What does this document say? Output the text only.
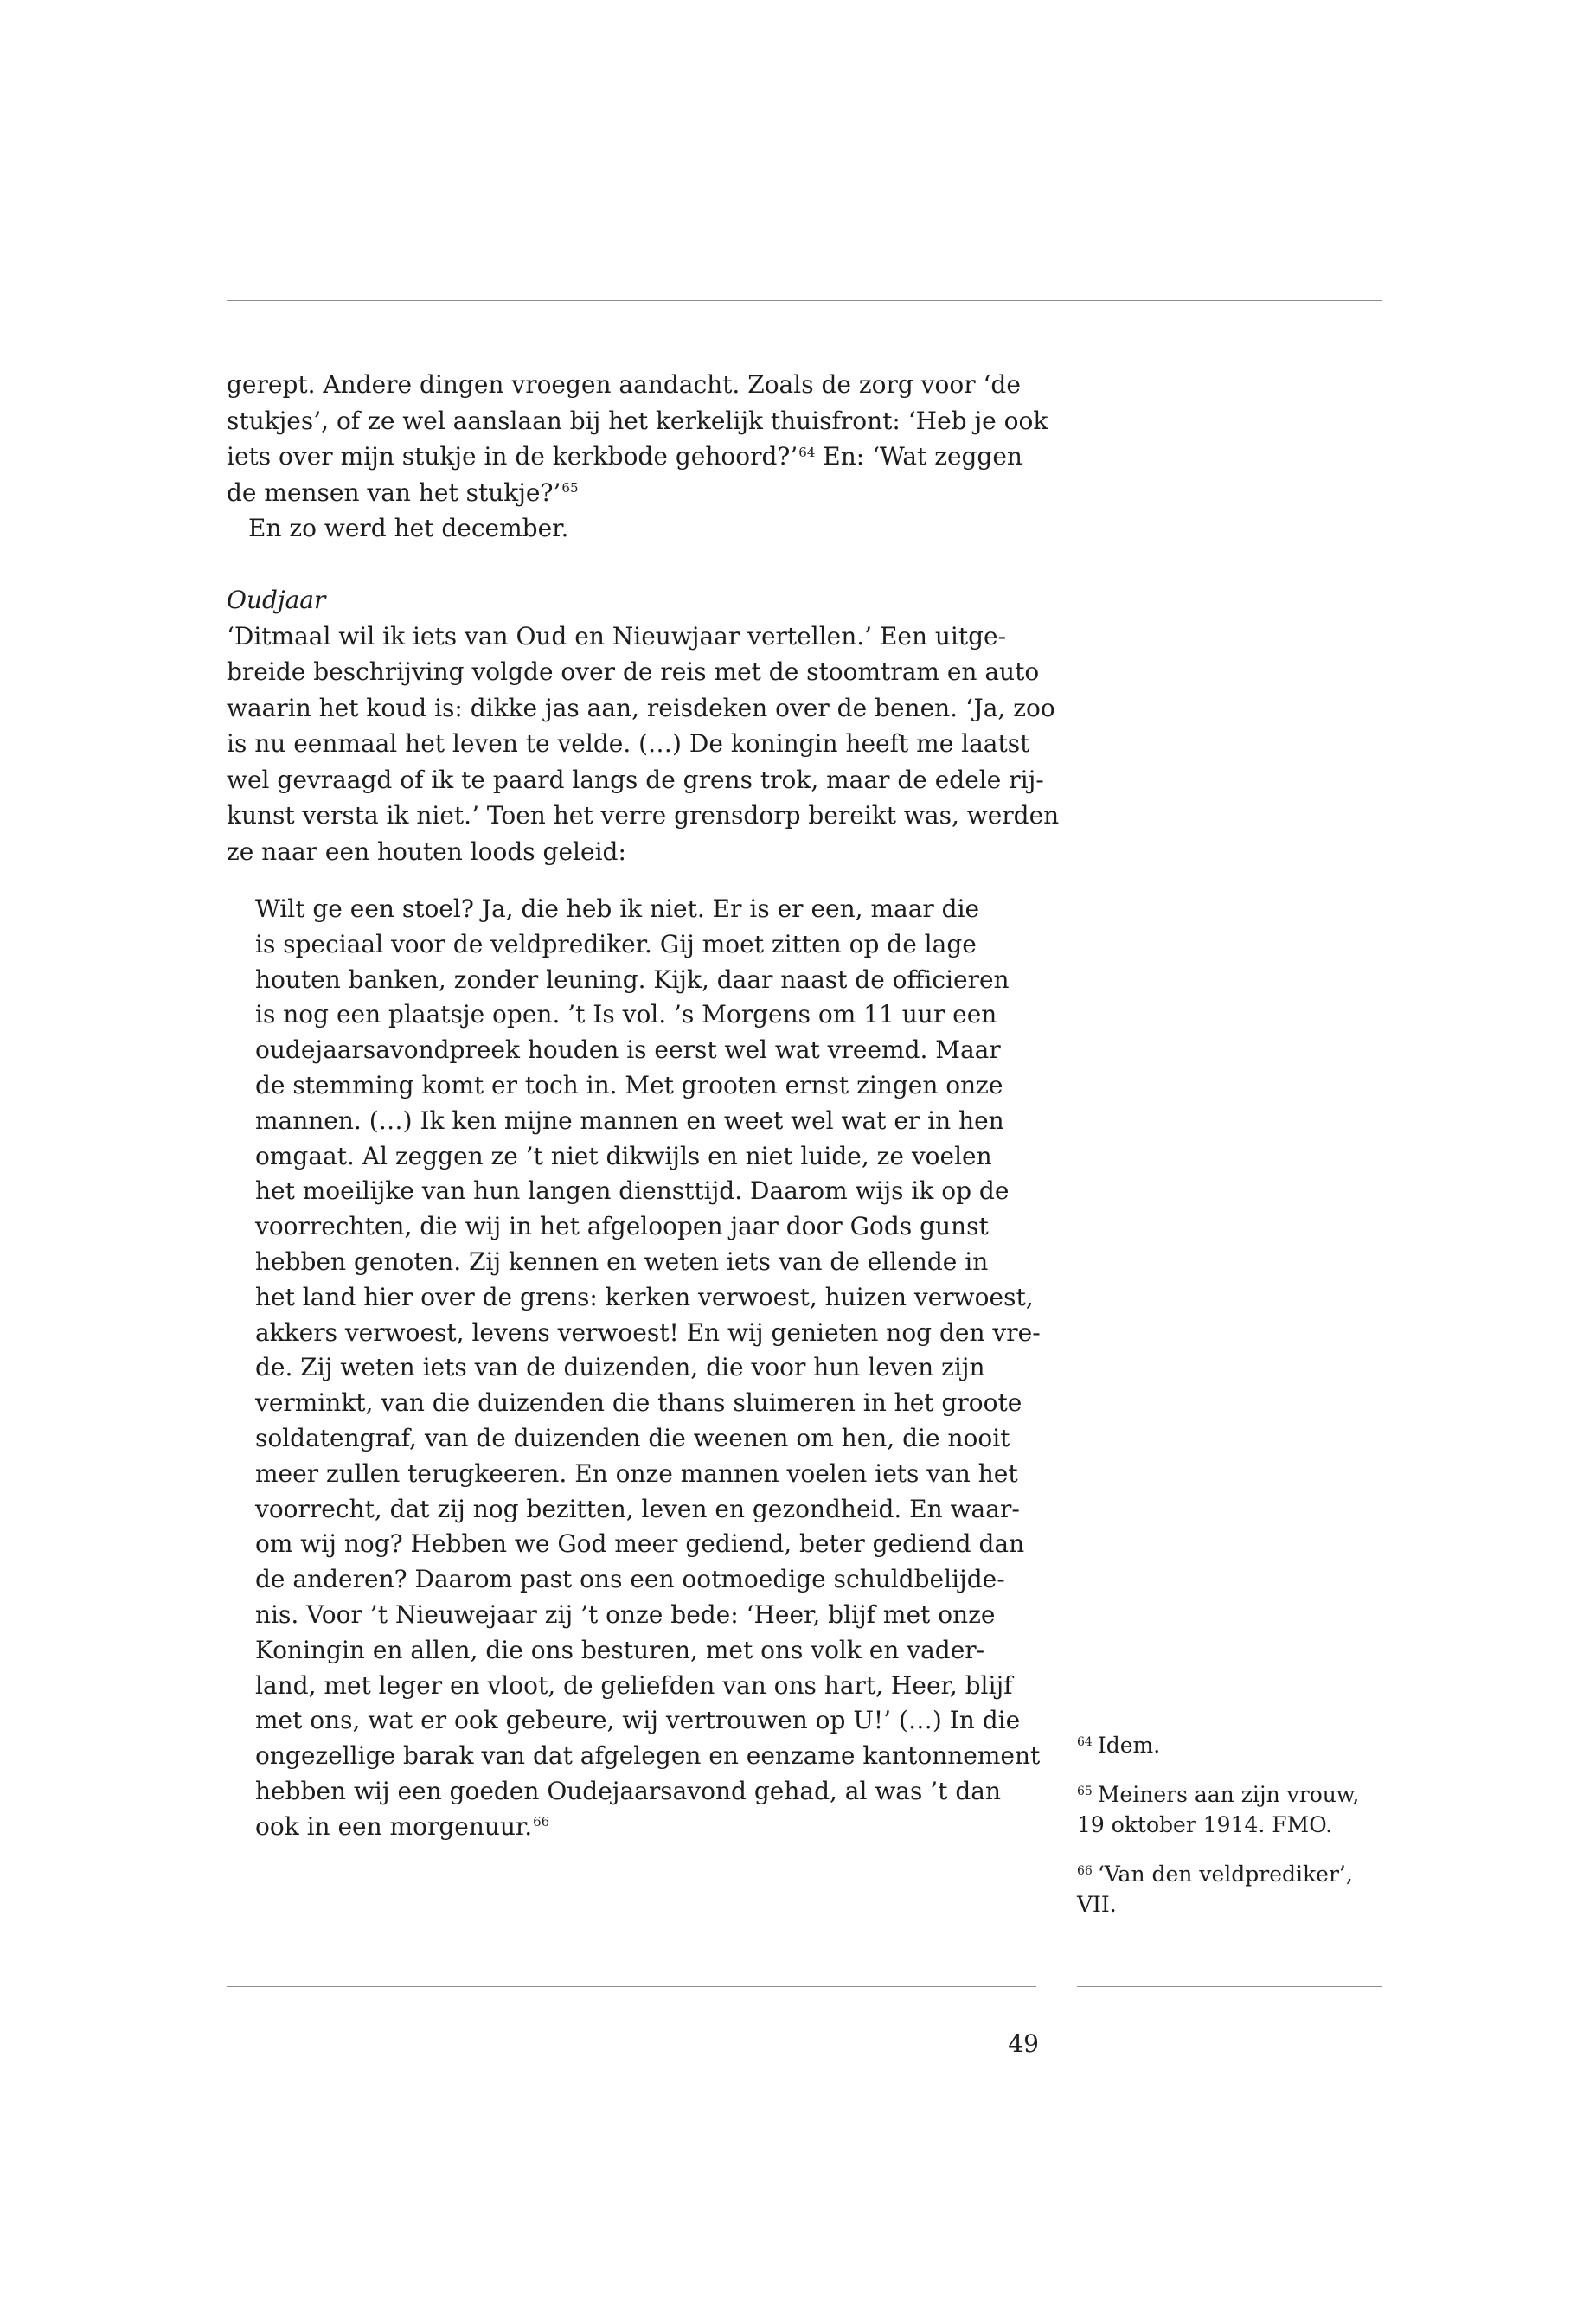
gerept. Andere dingen vroegen aandacht. Zoals de zorg voor ‘de
stukjes’, of ze wel aanslaan bij het kerkelijk thuisfront: ‘Heb je ook
iets over mijn stukje in de kerkbode gehoord?’$^{64}$ En: ‘Wat zeggen
de mensen van het stukje?’$^{65}$
En zo werd het december.
Oudjaar
‘Ditmaal wil ik iets van Oud en Nieuwjaar vertellen.’ Een uitge-
breide beschrijving volgde over de reis met de stoomtram en auto
waarin het koud is: dikke jas aan, reisdeken over de benen. ‘Ja, zoo
is nu eenmaal het leven te velde. (…) De koningin heeft me laatst
wel gevraagd of ik te paard langs de grens trok, maar de edele rij-
kunst versta ik niet.’ Toen het verre grensdorp bereikt was, werden
ze naar een houten loods geleid:
Wilt ge een stoel? Ja, die heb ik niet. Er is er een, maar die
is speciaal voor de veldprediker. Gij moet zitten op de lage
houten banken, zonder leuning. Kijk, daar naast de officieren
is nog een plaatsje open. ’t Is vol. ’s Morgens om 11 uur een
oudejaarsavondpreek houden is eerst wel wat vreemd. Maar
de stemming komt er toch in. Met grooten ernst zingen onze
mannen. (…) Ik ken mijne mannen en weet wel wat er in hen
omgaat. Al zeggen ze ’t niet dikwijls en niet luide, ze voelen
het moeilijke van hun langen diensttijd. Daarom wijs ik op de
voorrechten, die wij in het afgeloopen jaar door Gods gunst
hebben genoten. Zij kennen en weten iets van de ellende in
het land hier over de grens: kerken verwoest, huizen verwoest,
akkers verwoest, levens verwoest! En wij genieten nog den vre-
de. Zij weten iets van de duizenden, die voor hun leven zijn
verminkt, van die duizenden die thans sluimeren in het groote
soldatengraf, van de duizenden die weenen om hen, die nooit
meer zullen terugkeeren. En onze mannen voelen iets van het
voorrecht, dat zij nog bezitten, leven en gezondheid. En waar-
om wij nog? Hebben we God meer gediend, beter gediend dan
de anderen? Daarom past ons een ootmoedige schuldbelijde-
nis. Voor ’t Nieuwejaar zij ’t onze bede: ‘Heer, blijf met onze
Koningin en allen, die ons besturen, met ons volk en vader-
land, met leger en vloot, de geliefden van ons hart, Heer, blijf
met ons, wat er ook gebeure, wij vertrouwen op U!’ (…) In die
ongezellige barak van dat afgelegen en eenzame kantonnement
hebben wij een goeden Oudejaarsavond gehad, al was ’t dan
ook in een morgenuur.$^{66}$
$^{64}$ Idem.
$^{65}$ Meiners aan zijn vrouw,
19 oktober 1914. FMO.
$^{66}$ ‘Van den veldprediker’,
VII.
49
